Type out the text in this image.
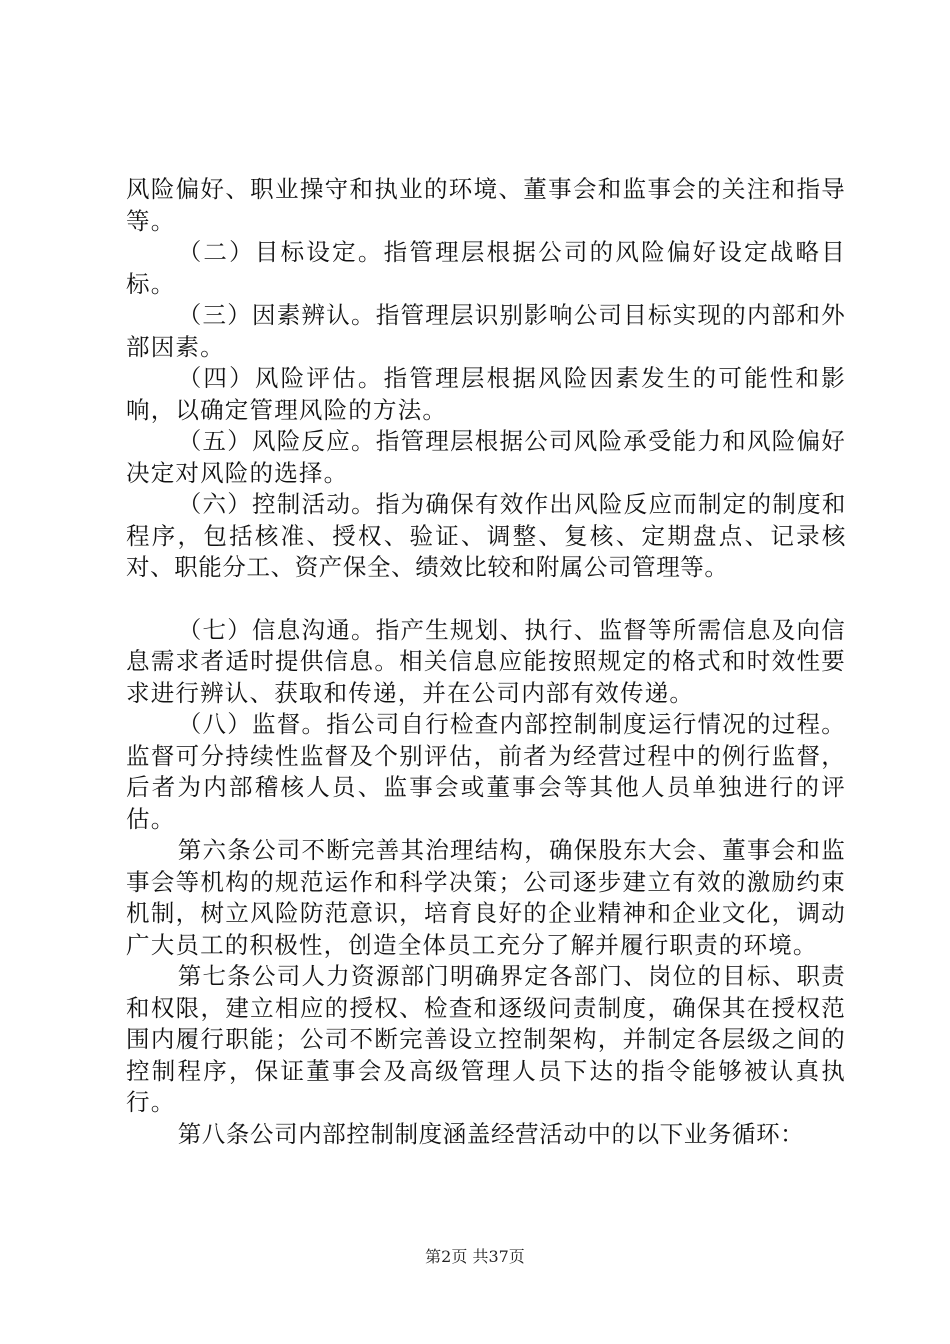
风险偏好、职业操守和执业的环境、董事会和监事会的关注和指导等。

（二）目标设定。指管理层根据公司的风险偏好设定战略目标。

（三）因素辨认。指管理层识别影响公司目标实现的内部和外部因素。

（四）风险评估。指管理层根据风险因素发生的可能性和影响，以确定管理风险的方法。

（五）风险反应。指管理层根据公司风险承受能力和风险偏好决定对风险的选择。

（六）控制活动。指为确保有效作出风险反应而制定的制度和程序，包括核准、授权、验证、调整、复核、定期盘点、记录核对、职能分工、资产保全、绩效比较和附属公司管理等。

（七）信息沟通。指产生规划、执行、监督等所需信息及向信息需求者适时提供信息。相关信息应能按照规定的格式和时效性要求进行辨认、获取和传递，并在公司内部有效传递。

（八）监督。指公司自行检查内部控制制度运行情况的过程。监督可分持续性监督及个别评估，前者为经营过程中的例行监督，后者为内部稽核人员、监事会或董事会等其他人员单独进行的评估。

第六条公司不断完善其治理结构，确保股东大会、董事会和监事会等机构的规范运作和科学决策；公司逐步建立有效的激励约束机制，树立风险防范意识，培育良好的企业精神和企业文化，调动广大员工的积极性，创造全体员工充分了解并履行职责的环境。

第七条公司人力资源部门明确界定各部门、岗位的目标、职责和权限，建立相应的授权、检查和逐级问责制度，确保其在授权范围内履行职能；公司不断完善设立控制架构，并制定各层级之间的控制程序，保证董事会及高级管理人员下达的指令能够被认真执行。

第八条公司内部控制制度涵盖经营活动中的以下业务循环：

第2页 共37页
